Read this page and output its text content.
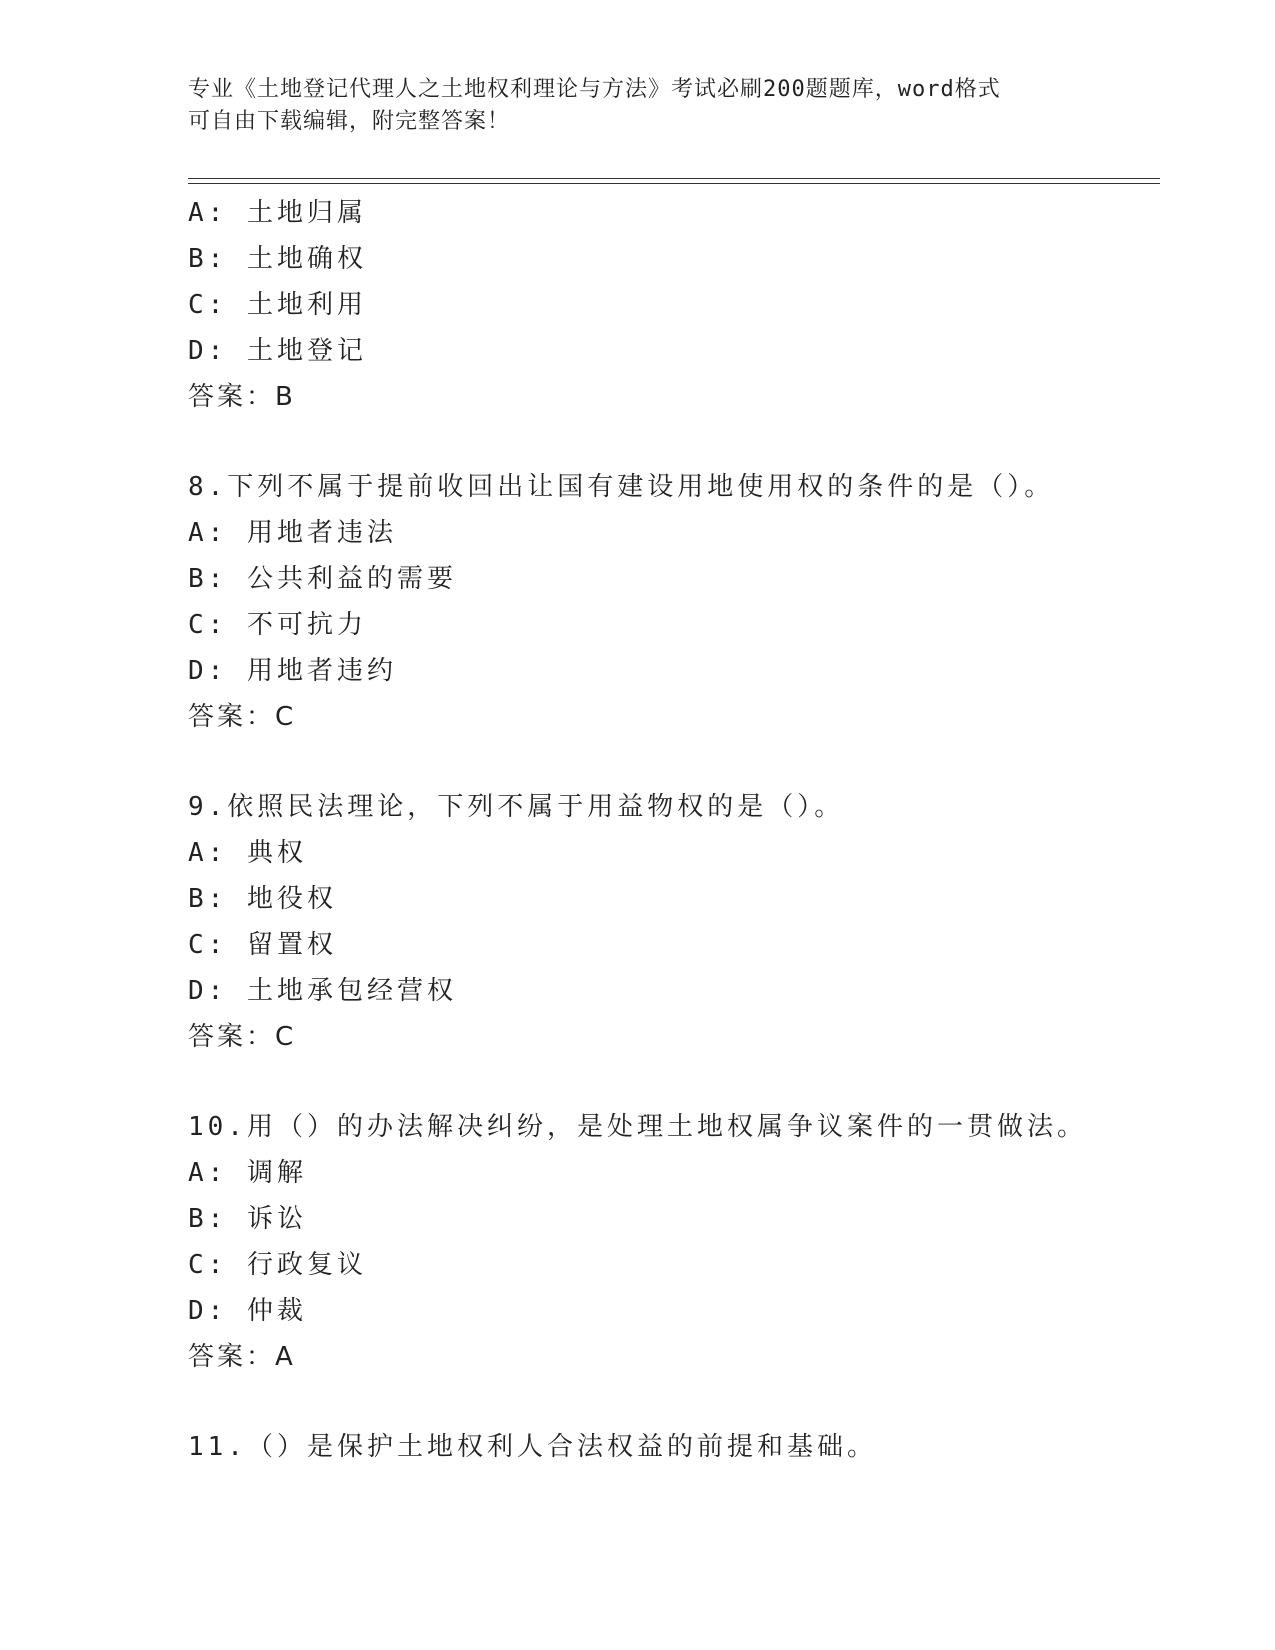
专业《土地登记代理人之土地权利理论与方法》考试必刷200题题库，word格式
可自由下载编辑，附完整答案！
A: 土地归属
B: 土地确权
C: 土地利用
D: 土地登记
答案：B
8.下列不属于提前收回出让国有建设用地使用权的条件的是（）。
A: 用地者违法
B: 公共利益的需要
C: 不可抗力
D: 用地者违约
答案：C
9.依照民法理论，下列不属于用益物权的是（）。
A: 典权
B: 地役权
C: 留置权
D: 土地承包经营权
答案：C
10.用（）的办法解决纠纷，是处理土地权属争议案件的一贯做法。
A: 调解
B: 诉讼
C: 行政复议
D: 仲裁
答案：A
11.（）是保护土地权利人合法权益的前提和基础。
